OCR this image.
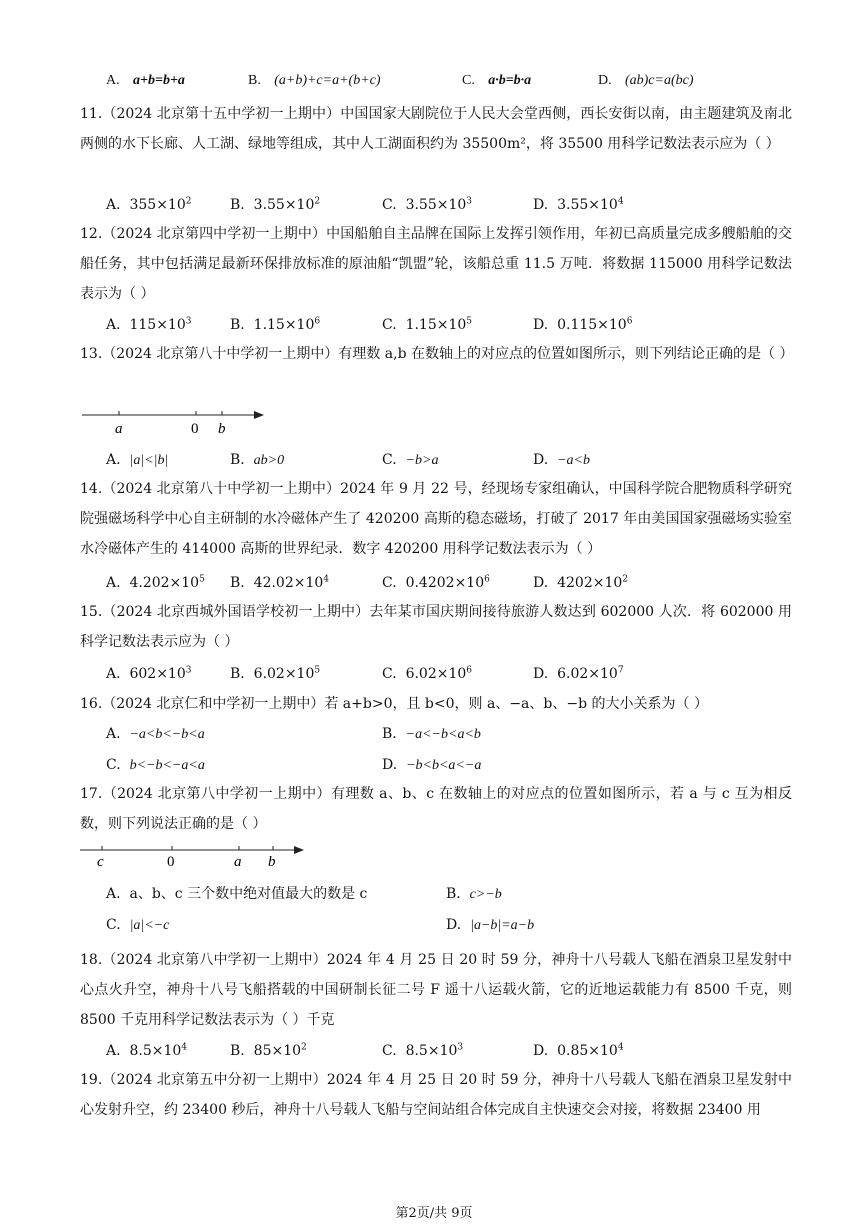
A. a+b=b+a	B. (a+b)+c=a+(b+c)	C. a·b=b·a	D. (ab)c=a(bc)
11.（2024 北京第十五中学初一上期中）中国国家大剧院位于人民大会堂西侧，西长安街以南，由主题建筑及南北两侧的水下长廊、人工湖、绿地等组成，其中人工湖面积约为 35500m²，将 35500 用科学记数法表示应为（ ）
A. $355\times 10^2$	B. $3.55\times 10^2$	C. $3.55\times 10^3$	D. $3.55\times 10^4$
12.（2024 北京第四中学初一上期中）中国船舶自主品牌在国际上发挥引领作用，年初已高质量完成多艘船舶的交船任务，其中包括满足最新环保排放标准的原油船“凯盟”轮，该船总重 11.5 万吨．将数据 115000 用科学记数法表示为（ ）
A. $115\times 10^3$	B. $1.15\times 10^6$	C. $1.15\times 10^5$	D. $0.115\times 10^6$
13.（2024 北京第八十中学初一上期中）有理数 a,b 在数轴上的对应点的位置如图所示，则下列结论正确的是（ ）
a	0 b
A. |a|<|b|	B. ab>0	C. −b>a	D. −a<b
14.（2024 北京第八十中学初一上期中）2024 年 9 月 22 号，经现场专家组确认，中国科学院合肥物质科学研究院强磁场科学中心自主研制的水冷磁体产生了 420200 高斯的稳态磁场，打破了 2017 年由美国国家强磁场实验室水冷磁体产生的 414000 高斯的世界纪录．数字 420200 用科学记数法表示为（ ）
A. $4.202\times 10^5$ B. $42.02\times 10^4$	C. $0.4202\times 10^6$	D. $4202\times 10^2$
15.（2024 北京西城外国语学校初一上期中）去年某市国庆期间接待旅游人数达到 602000 人次．将 602000 用科学记数法表示应为（ ）
A. $602\times 10^3$	B. $6.02\times 10^5$	C. $6.02\times 10^6$	D. $6.02\times 10^7$
16.（2024 北京仁和中学初一上期中）若 a+b>0，且 b<0，则 a、−a、b、−b 的大小关系为（ ）
A. −a<b<−b<a	B. −a<−b<a<b
C. b<−b<−a<a	D. −b<b<a<−a
17.（2024 北京第八中学初一上期中）有理数 a、b、c 在数轴上的对应点的位置如图所示，若 a 与 c 互为相反数，则下列说法正确的是（ ）
c	0	a b
A. a、b、c 三个数中绝对值最大的数是 c	B. c>−b
C. |a|<−c	D. |a−b|=a−b
18.（2024 北京第八中学初一上期中）2024 年 4 月 25 日 20 时 59 分，神舟十八号载人飞船在酒泉卫星发射中心点火升空，神舟十八号飞船搭载的中国研制长征二号 F 遥十八运载火箭，它的近地运载能力有 8500 千克，则 8500 千克用科学记数法表示为（ ）千克
A. $8.5\times 10^4$	B. $85\times 10^2$	C. $8.5\times 10^3$	D. $0.85\times 10^4$
19.（2024 北京第五中分初一上期中）2024 年 4 月 25 日 20 时 59 分，神舟十八号载人飞船在酒泉卫星发射中心发射升空，约 23400 秒后，神舟十八号载人飞船与空间站组合体完成自主快速交会对接，将数据 23400 用
第2页/共 9页
